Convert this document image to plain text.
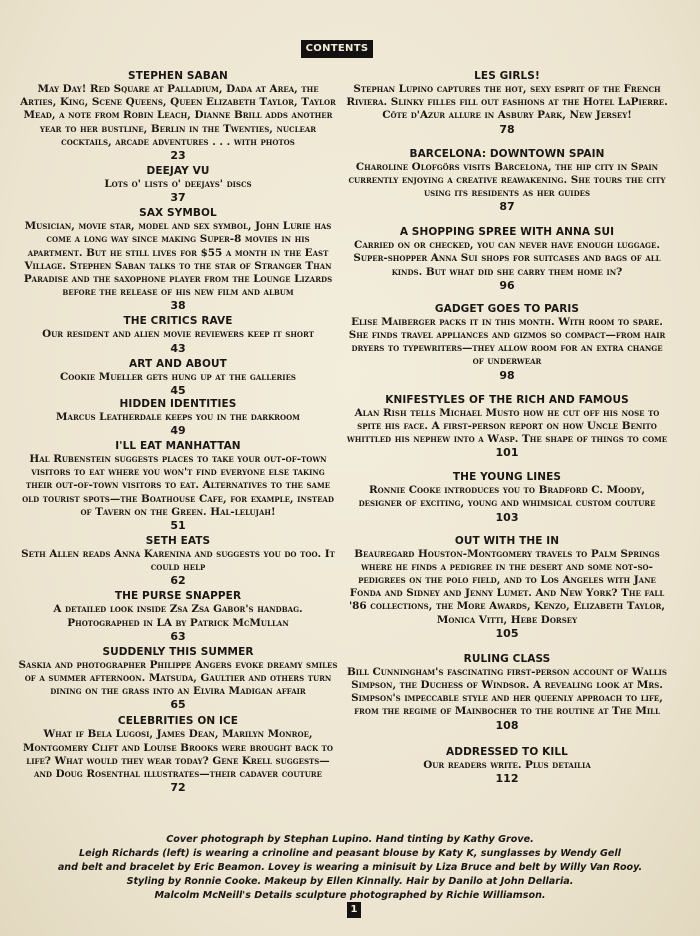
CONTENTS
STEPHEN SABAN
May Day! Red Square at Palladium, Dada at Area, the Arties, King, Scene Queens, Queen Elizabeth Taylor, Taylor Mead, a note from Robin Leach, Dianne Brill adds another year to her bustline, Berlin in the Twenties, nuclear cocktails, arcade adventures . . . with photos
23
DEEJAY VU
Lots o' lists o' deejays' discs
37
SAX SYMBOL
Musician, movie star, model and sex symbol, John Lurie has come a long way since making Super-8 movies in his apartment. But he still lives for $55 a month in the East Village. Stephen Saban talks to the star of Stranger Than Paradise and the saxophone player from the Lounge Lizards before the release of his new film and album
38
THE CRITICS RAVE
Our resident and alien movie reviewers keep it short
43
ART AND ABOUT
Cookie Mueller gets hung up at the galleries
45
HIDDEN IDENTITIES
Marcus Leatherdale keeps you in the darkroom
49
I'LL EAT MANHATTAN
Hal Rubenstein suggests places to take your out-of-town visitors to eat where you won't find everyone else taking their out-of-town visitors to eat. Alternatives to the same old tourist spots—the Boathouse Cafe, for example, instead of Tavern on the Green. Hal-lelujah!
51
SETH EATS
Seth Allen reads Anna Karenina and suggests you do too. It could help
62
THE PURSE SNAPPER
A detailed look inside Zsa Zsa Gabor's handbag. Photographed in LA by Patrick McMullan
63
SUDDENLY THIS SUMMER
Saskia and photographer Philippe Angers evoke dreamy smiles of a summer afternoon. Matsuda, Gaultier and others turn dining on the grass into an Elvira Madigan affair
65
CELEBRITIES ON ICE
What if Bela Lugosi, James Dean, Marilyn Monroe, Montgomery Clift and Louise Brooks were brought back to life? What would they wear today? Gene Krell suggests—and Doug Rosenthal illustrates—their cadaver couture
72
LES GIRLS!
Stephan Lupino captures the hot, sexy esprit of the French Riviera. Slinky filles fill out fashions at the Hotel LaPierre. Côte d'Azur allure in Asbury Park, New Jersey!
78
BARCELONA: DOWNTOWN SPAIN
Charoline Olofgörs visits Barcelona, the hip city in Spain currently enjoying a creative reawakening. She tours the city using its residents as her guides
87
A SHOPPING SPREE WITH ANNA SUI
Carried on or checked, you can never have enough luggage. Super-shopper Anna Sui shops for suitcases and bags of all kinds. But what did she carry them home in?
96
GADGET GOES TO PARIS
Elise Maiberger packs it in this month. With room to spare. She finds travel appliances and gizmos so compact—from hair dryers to typewriters—they allow room for an extra change of underwear
98
KNIFESTYLES OF THE RICH AND FAMOUS
Alan Rish tells Michael Musto how he cut off his nose to spite his face. A first-person report on how Uncle Benito whittled his nephew into a Wasp. The shape of things to come
101
THE YOUNG LINES
Ronnie Cooke introduces you to Bradford C. Moody, designer of exciting, young and whimsical custom couture
103
OUT WITH THE IN
Beauregard Houston-Montgomery travels to Palm Springs where he finds a pedigree in the desert and some not-so-pedigrees on the polo field, and to Los Angeles with Jane Fonda and Sidney and Jenny Lumet. And New York? The fall '86 collections, the More Awards, Kenzo, Elizabeth Taylor, Monica Vitti, Hebe Dorsey
105
RULING CLASS
Bill Cunningham's fascinating first-person account of Wallis Simpson, the Duchess of Windsor. A revealing look at Mrs. Simpson's impeccable style and her queenly approach to life, from the regime of Mainbocher to the routine at The Mill
108
ADDRESSED TO KILL
Our readers write. Plus detailia
112
Cover photograph by Stephan Lupino. Hand tinting by Kathy Grove.
Leigh Richards (left) is wearing a crinoline and peasant blouse by Katy K, sunglasses by Wendy Gell
and belt and bracelet by Eric Beamon. Lovey is wearing a minisuit by Liza Bruce and belt by Willy Van Rooy.
Styling by Ronnie Cooke. Makeup by Ellen Kinnally. Hair by Danilo at John Dellaria.
Malcolm McNeill's Details sculpture photographed by Richie Williamson.
1
